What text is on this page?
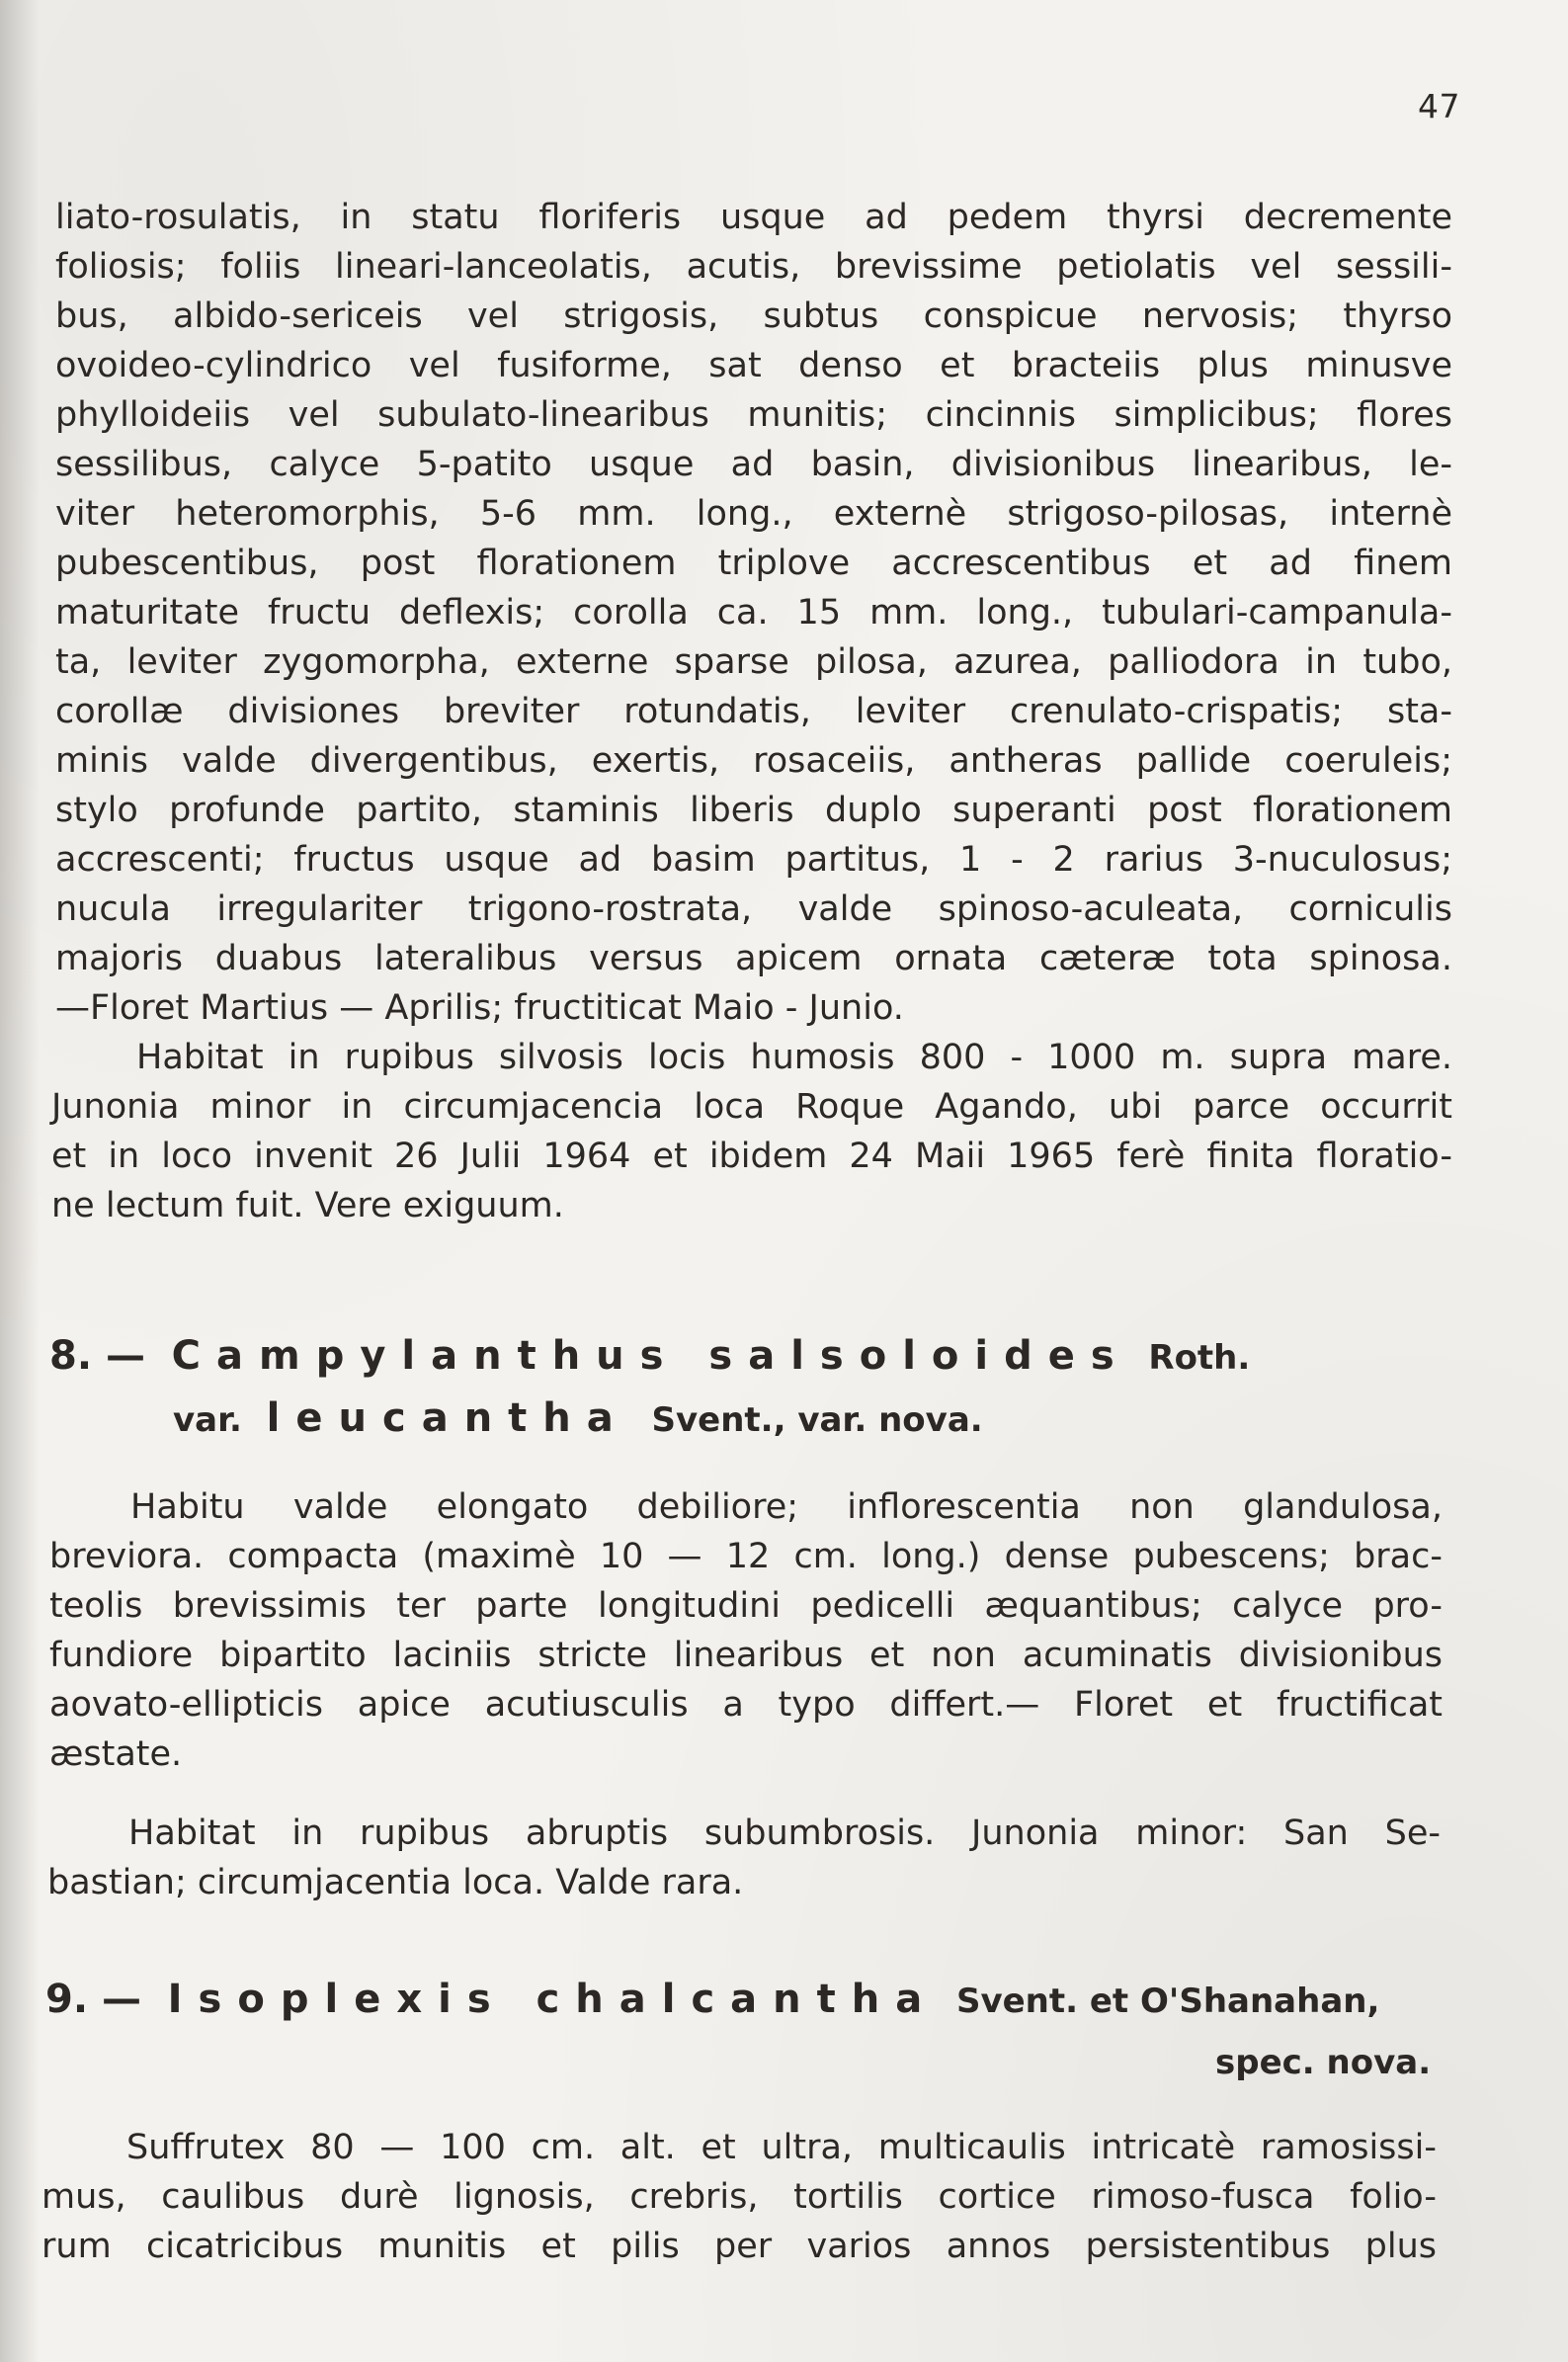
47
liato-rosulatis, in statu floriferis usque ad pedem thyrsi decremente
foliosis; foliis lineari-lanceolatis, acutis, brevissime petiolatis vel sessili-
bus, albido-sericeis vel strigosis, subtus conspicue nervosis; thyrso
ovoideo-cylindrico vel fusiforme, sat denso et bracteiis plus minusve
phylloideiis vel subulato-linearibus munitis; cincinnis simplicibus; flores
sessilibus, calyce 5-patito usque ad basin, divisionibus linearibus, le-
viter heteromorphis, 5-6 mm. long., externè strigoso-pilosas, internè
pubescentibus, post florationem triplove accrescentibus et ad finem
maturitate fructu deflexis; corolla ca. 15 mm. long., tubulari-campanula-
ta, leviter zygomorpha, externe sparse pilosa, azurea, palliodora in tubo,
corollæ divisiones breviter rotundatis, leviter crenulato-crispatis; sta-
minis valde divergentibus, exertis, rosaceiis, antheras pallide coeruleis;
stylo profunde partito, staminis liberis duplo superanti post florationem
accrescenti; fructus usque ad basim partitus, 1 - 2 rarius 3-nuculosus;
nucula irregulariter trigono-rostrata, valde spinoso-aculeata, corniculis
majoris duabus lateralibus versus apicem ornata cæteræ tota spinosa.
—Floret Martius — Aprilis; fructiticat Maio - Junio.
Habitat in rupibus silvosis locis humosis 800 - 1000 m. supra mare.
Junonia minor in circumjacencia loca Roque Agando, ubi parce occurrit
et in loco invenit 26 Julii 1964 et ibidem 24 Maii 1965 ferè finita floratio-
ne lectum fuit. Vere exiguum.
8. — Campylanthus salsoloides Roth.
var. leucantha Svent., var. nova.
Habitu valde elongato debiliore; inflorescentia non glandulosa,
breviora. compacta (maximè 10 — 12 cm. long.) dense pubescens; brac-
teolis brevissimis ter parte longitudini pedicelli æquantibus; calyce pro-
fundiore bipartito laciniis stricte linearibus et non acuminatis divisionibus
aovato-ellipticis apice acutiusculis a typo differt.— Floret et fructificat
æstate.
Habitat in rupibus abruptis subumbrosis. Junonia minor: San Se-
bastian; circumjacentia loca. Valde rara.
9. — Isoplexis chalcantha Svent. et O'Shanahan,
spec. nova.
Suffrutex 80 — 100 cm. alt. et ultra, multicaulis intricatè ramosissi-
mus, caulibus durè lignosis, crebris, tortilis cortice rimoso-fusca folio-
rum cicatricibus munitis et pilis per varios annos persistentibus plus
